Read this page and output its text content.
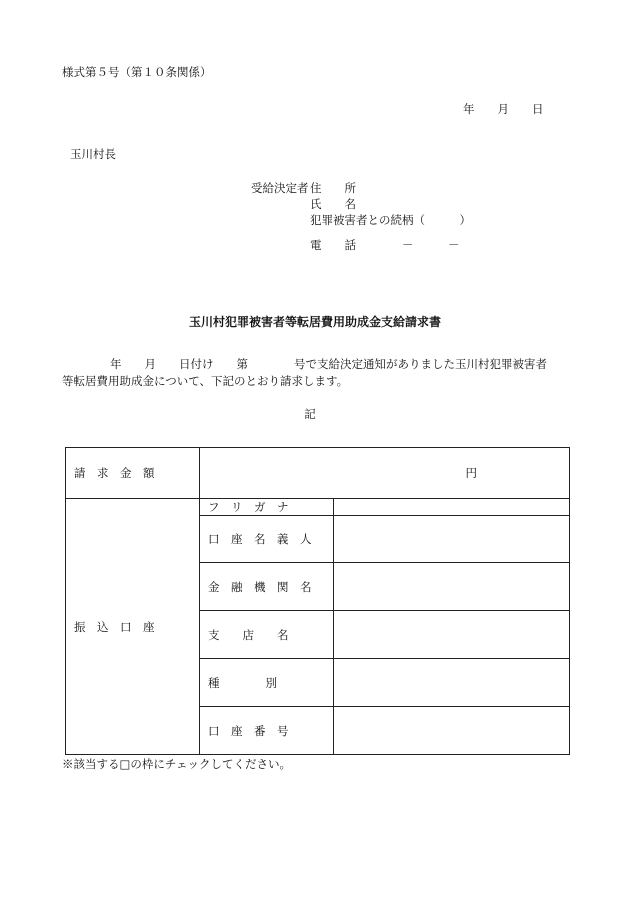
様式第５号（第１０条関係）
年　　月　　日
玉川村長
受給決定者 住　　所
氏　　名
犯罪被害者との続柄（　　　）
電　　話　　　　－　　　－
玉川村犯罪被害者等転居費用助成金支給請求書
年　　月　　日付け　　第　　　　号で支給決定通知がありました玉川村犯罪被害者
等転居費用助成金について、下記のとおり請求します。
記
請　求　金　額	円	

振　込　口　座	フ　リ　ガ　ナ	

	口　座　名　義　人	

	金　融　機　関　名	

	支　　店　　名	

	種　　　　別	

	口　座　番　号	

※該当する□の枠にチェックしてください。
